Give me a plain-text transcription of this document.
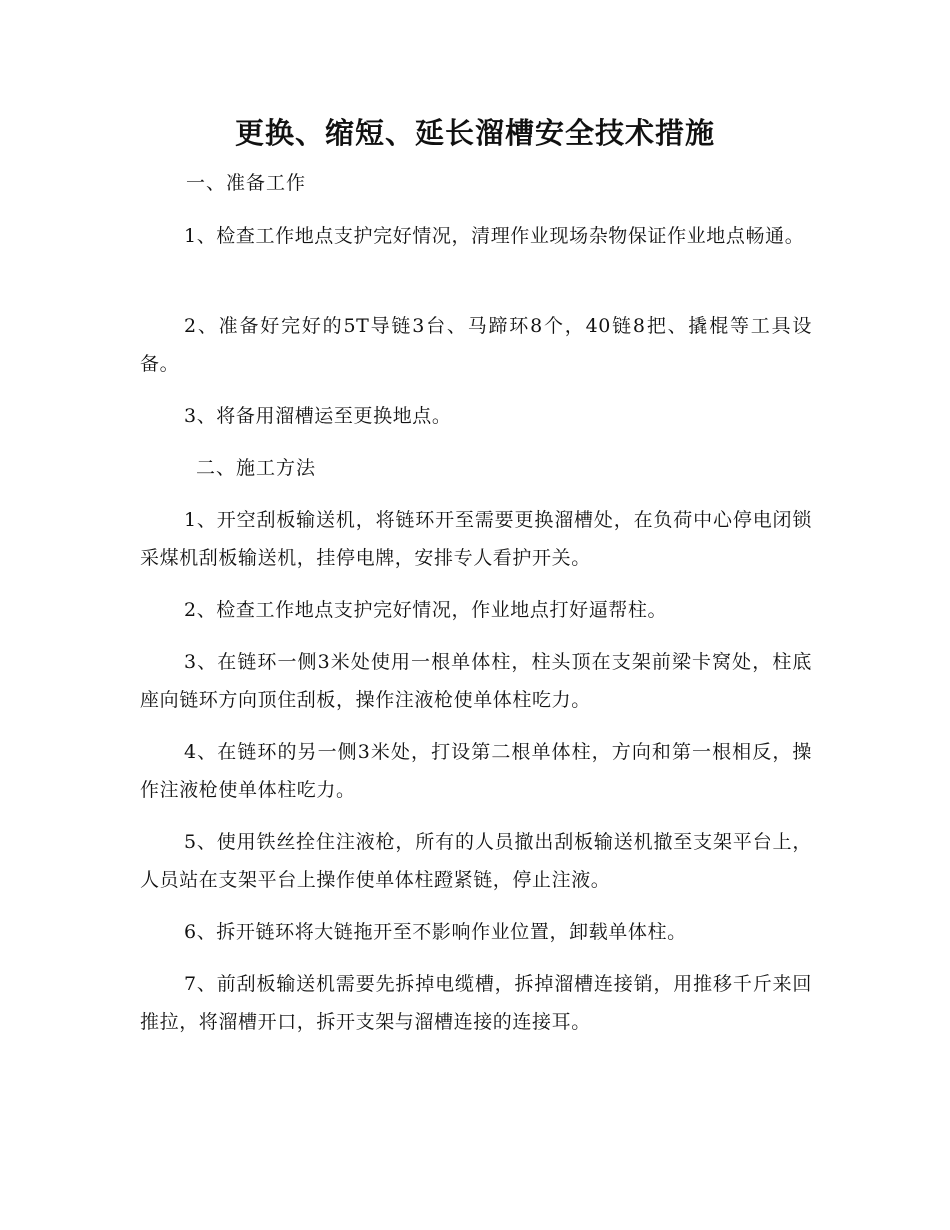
更换、缩短、延长溜槽安全技术措施

一、准备工作

1、检查工作地点支护完好情况，清理作业现场杂物保证作业地点畅通。

2、准备好完好的5T导链3台、马蹄环8个，40链8把、撬棍等工具设备。

3、将备用溜槽运至更换地点。

二、施工方法

1、开空刮板输送机，将链环开至需要更换溜槽处，在负荷中心停电闭锁采煤机刮板输送机，挂停电牌，安排专人看护开关。

2、检查工作地点支护完好情况，作业地点打好逼帮柱。

3、在链环一侧3米处使用一根单体柱，柱头顶在支架前梁卡窝处，柱底座向链环方向顶住刮板，操作注液枪使单体柱吃力。

4、在链环的另一侧3米处，打设第二根单体柱，方向和第一根相反，操作注液枪使单体柱吃力。

5、使用铁丝拴住注液枪，所有的人员撤出刮板输送机撤至支架平台上，人员站在支架平台上操作使单体柱蹬紧链，停止注液。

6、拆开链环将大链拖开至不影响作业位置，卸载单体柱。

7、前刮板输送机需要先拆掉电缆槽，拆掉溜槽连接销，用推移千斤来回推拉，将溜槽开口，拆开支架与溜槽连接的连接耳。
